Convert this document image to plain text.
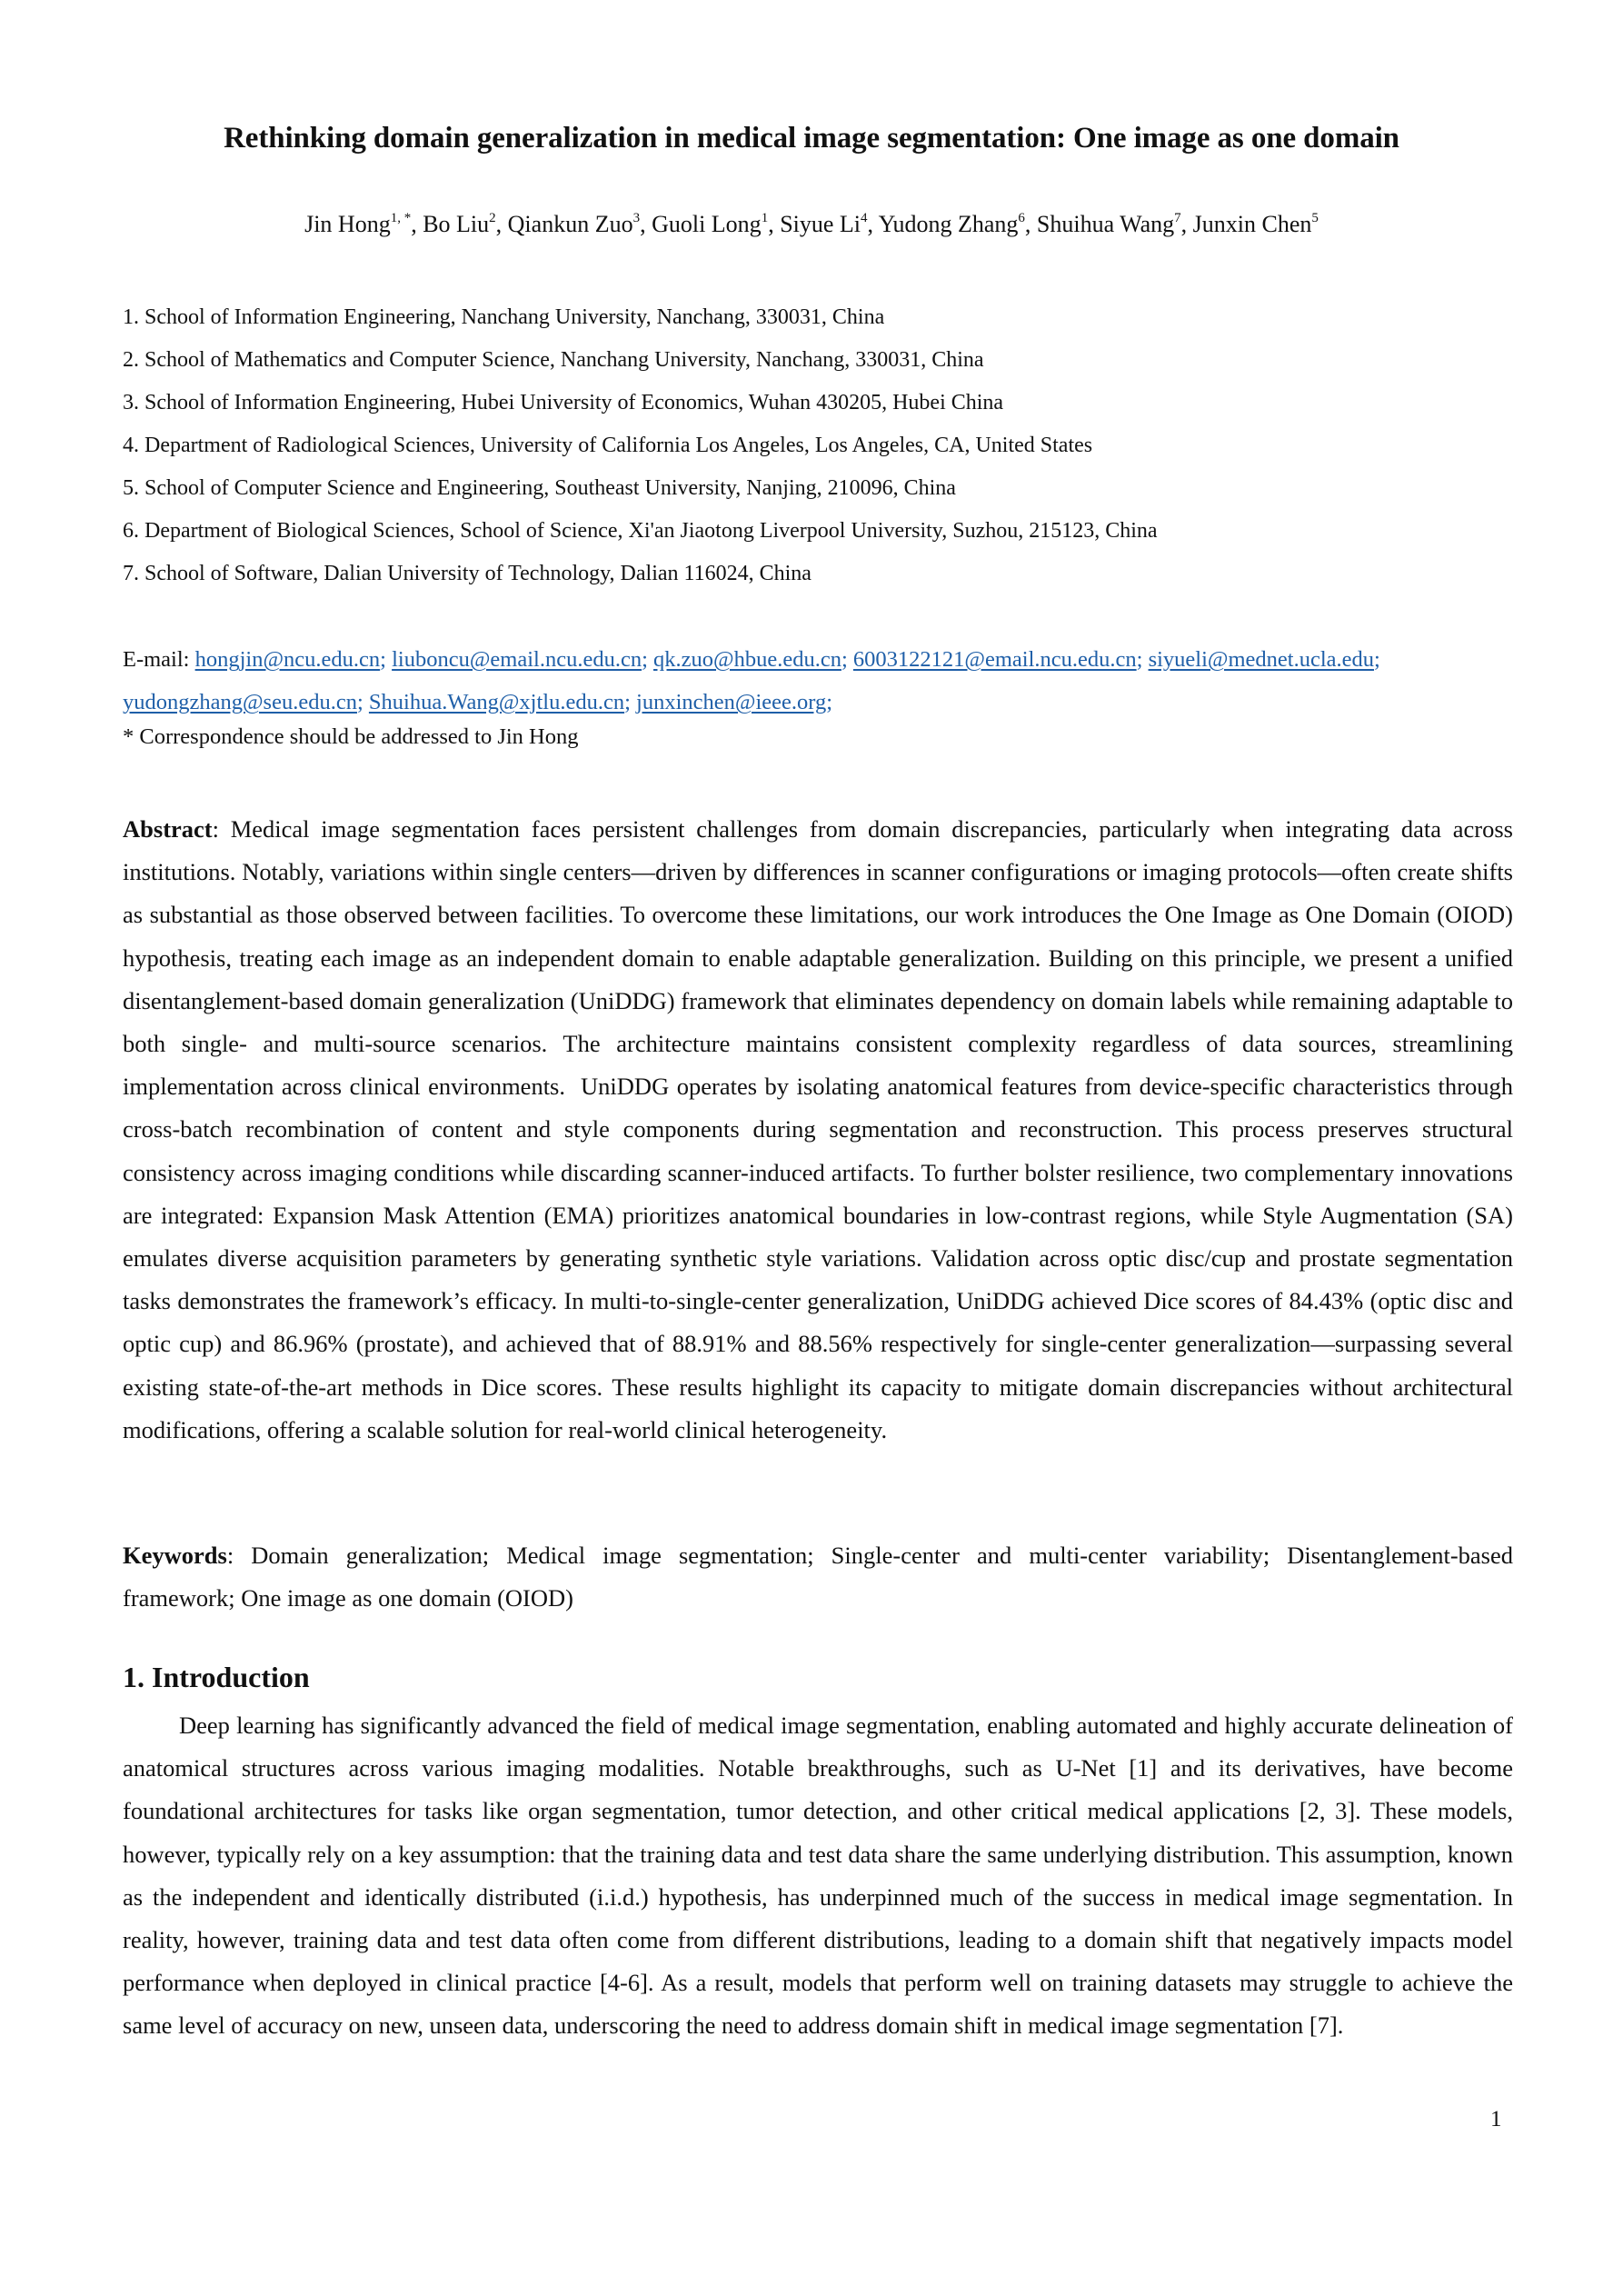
Rethinking domain generalization in medical image segmentation: One image as one domain
Jin Hong$^{1, *}$, Bo Liu$^2$, Qiankun Zuo$^3$, Guoli Long$^1$, Siyue Li$^4$, Yudong Zhang$^6$, Shuihua Wang$^7$, Junxin Chen$^5$
1. School of Information Engineering, Nanchang University, Nanchang, 330031, China
2. School of Mathematics and Computer Science, Nanchang University, Nanchang, 330031, China
3. School of Information Engineering, Hubei University of Economics, Wuhan 430205, Hubei China
4. Department of Radiological Sciences, University of California Los Angeles, Los Angeles, CA, United States
5. School of Computer Science and Engineering, Southeast University, Nanjing, 210096, China
6. Department of Biological Sciences, School of Science, Xi'an Jiaotong Liverpool University, Suzhou, 215123, China
7. School of Software, Dalian University of Technology, Dalian 116024, China
E-mail: hongjin@ncu.edu.cn; liuboncu@email.ncu.edu.cn; qk.zuo@hbue.edu.cn; 6003122121@email.ncu.edu.cn; siyueli@mednet.ucla.edu; yudongzhang@seu.edu.cn; Shuihua.Wang@xjtlu.edu.cn; junxinchen@ieee.org;
* Correspondence should be addressed to Jin Hong
Abstract: Medical image segmentation faces persistent challenges from domain discrepancies, particularly when integrating data across institutions. Notably, variations within single centers—driven by differences in scanner configurations or imaging protocols—often create shifts as substantial as those observed between facilities. To overcome these limitations, our work introduces the One Image as One Domain (OIOD) hypothesis, treating each image as an independent domain to enable adaptable generalization. Building on this principle, we present a unified disentanglement-based domain generalization (UniDDG) framework that eliminates dependency on domain labels while remaining adaptable to both single- and multi-source scenarios. The architecture maintains consistent complexity regardless of data sources, streamlining implementation across clinical environments.  UniDDG operates by isolating anatomical features from device-specific characteristics through cross-batch recombination of content and style components during segmentation and reconstruction. This process preserves structural consistency across imaging conditions while discarding scanner-induced artifacts. To further bolster resilience, two complementary innovations are integrated: Expansion Mask Attention (EMA) prioritizes anatomical boundaries in low-contrast regions, while Style Augmentation (SA) emulates diverse acquisition parameters by generating synthetic style variations. Validation across optic disc/cup and prostate segmentation tasks demonstrates the framework’s efficacy. In multi-to-single-center generalization, UniDDG achieved Dice scores of 84.43% (optic disc and optic cup) and 86.96% (prostate), and achieved that of 88.91% and 88.56% respectively for single-center generalization—surpassing several existing state-of-the-art methods in Dice scores. These results highlight its capacity to mitigate domain discrepancies without architectural modifications, offering a scalable solution for real-world clinical heterogeneity.
Keywords: Domain generalization; Medical image segmentation; Single-center and multi-center variability; Disentanglement-based framework; One image as one domain (OIOD)
1. Introduction
Deep learning has significantly advanced the field of medical image segmentation, enabling automated and highly accurate delineation of anatomical structures across various imaging modalities. Notable breakthroughs, such as U-Net [1] and its derivatives, have become foundational architectures for tasks like organ segmentation, tumor detection, and other critical medical applications [2, 3]. These models, however, typically rely on a key assumption: that the training data and test data share the same underlying distribution. This assumption, known as the independent and identically distributed (i.i.d.) hypothesis, has underpinned much of the success in medical image segmentation. In reality, however, training data and test data often come from different distributions, leading to a domain shift that negatively impacts model performance when deployed in clinical practice [4-6]. As a result, models that perform well on training datasets may struggle to achieve the same level of accuracy on new, unseen data, underscoring the need to address domain shift in medical image segmentation [7].
1
